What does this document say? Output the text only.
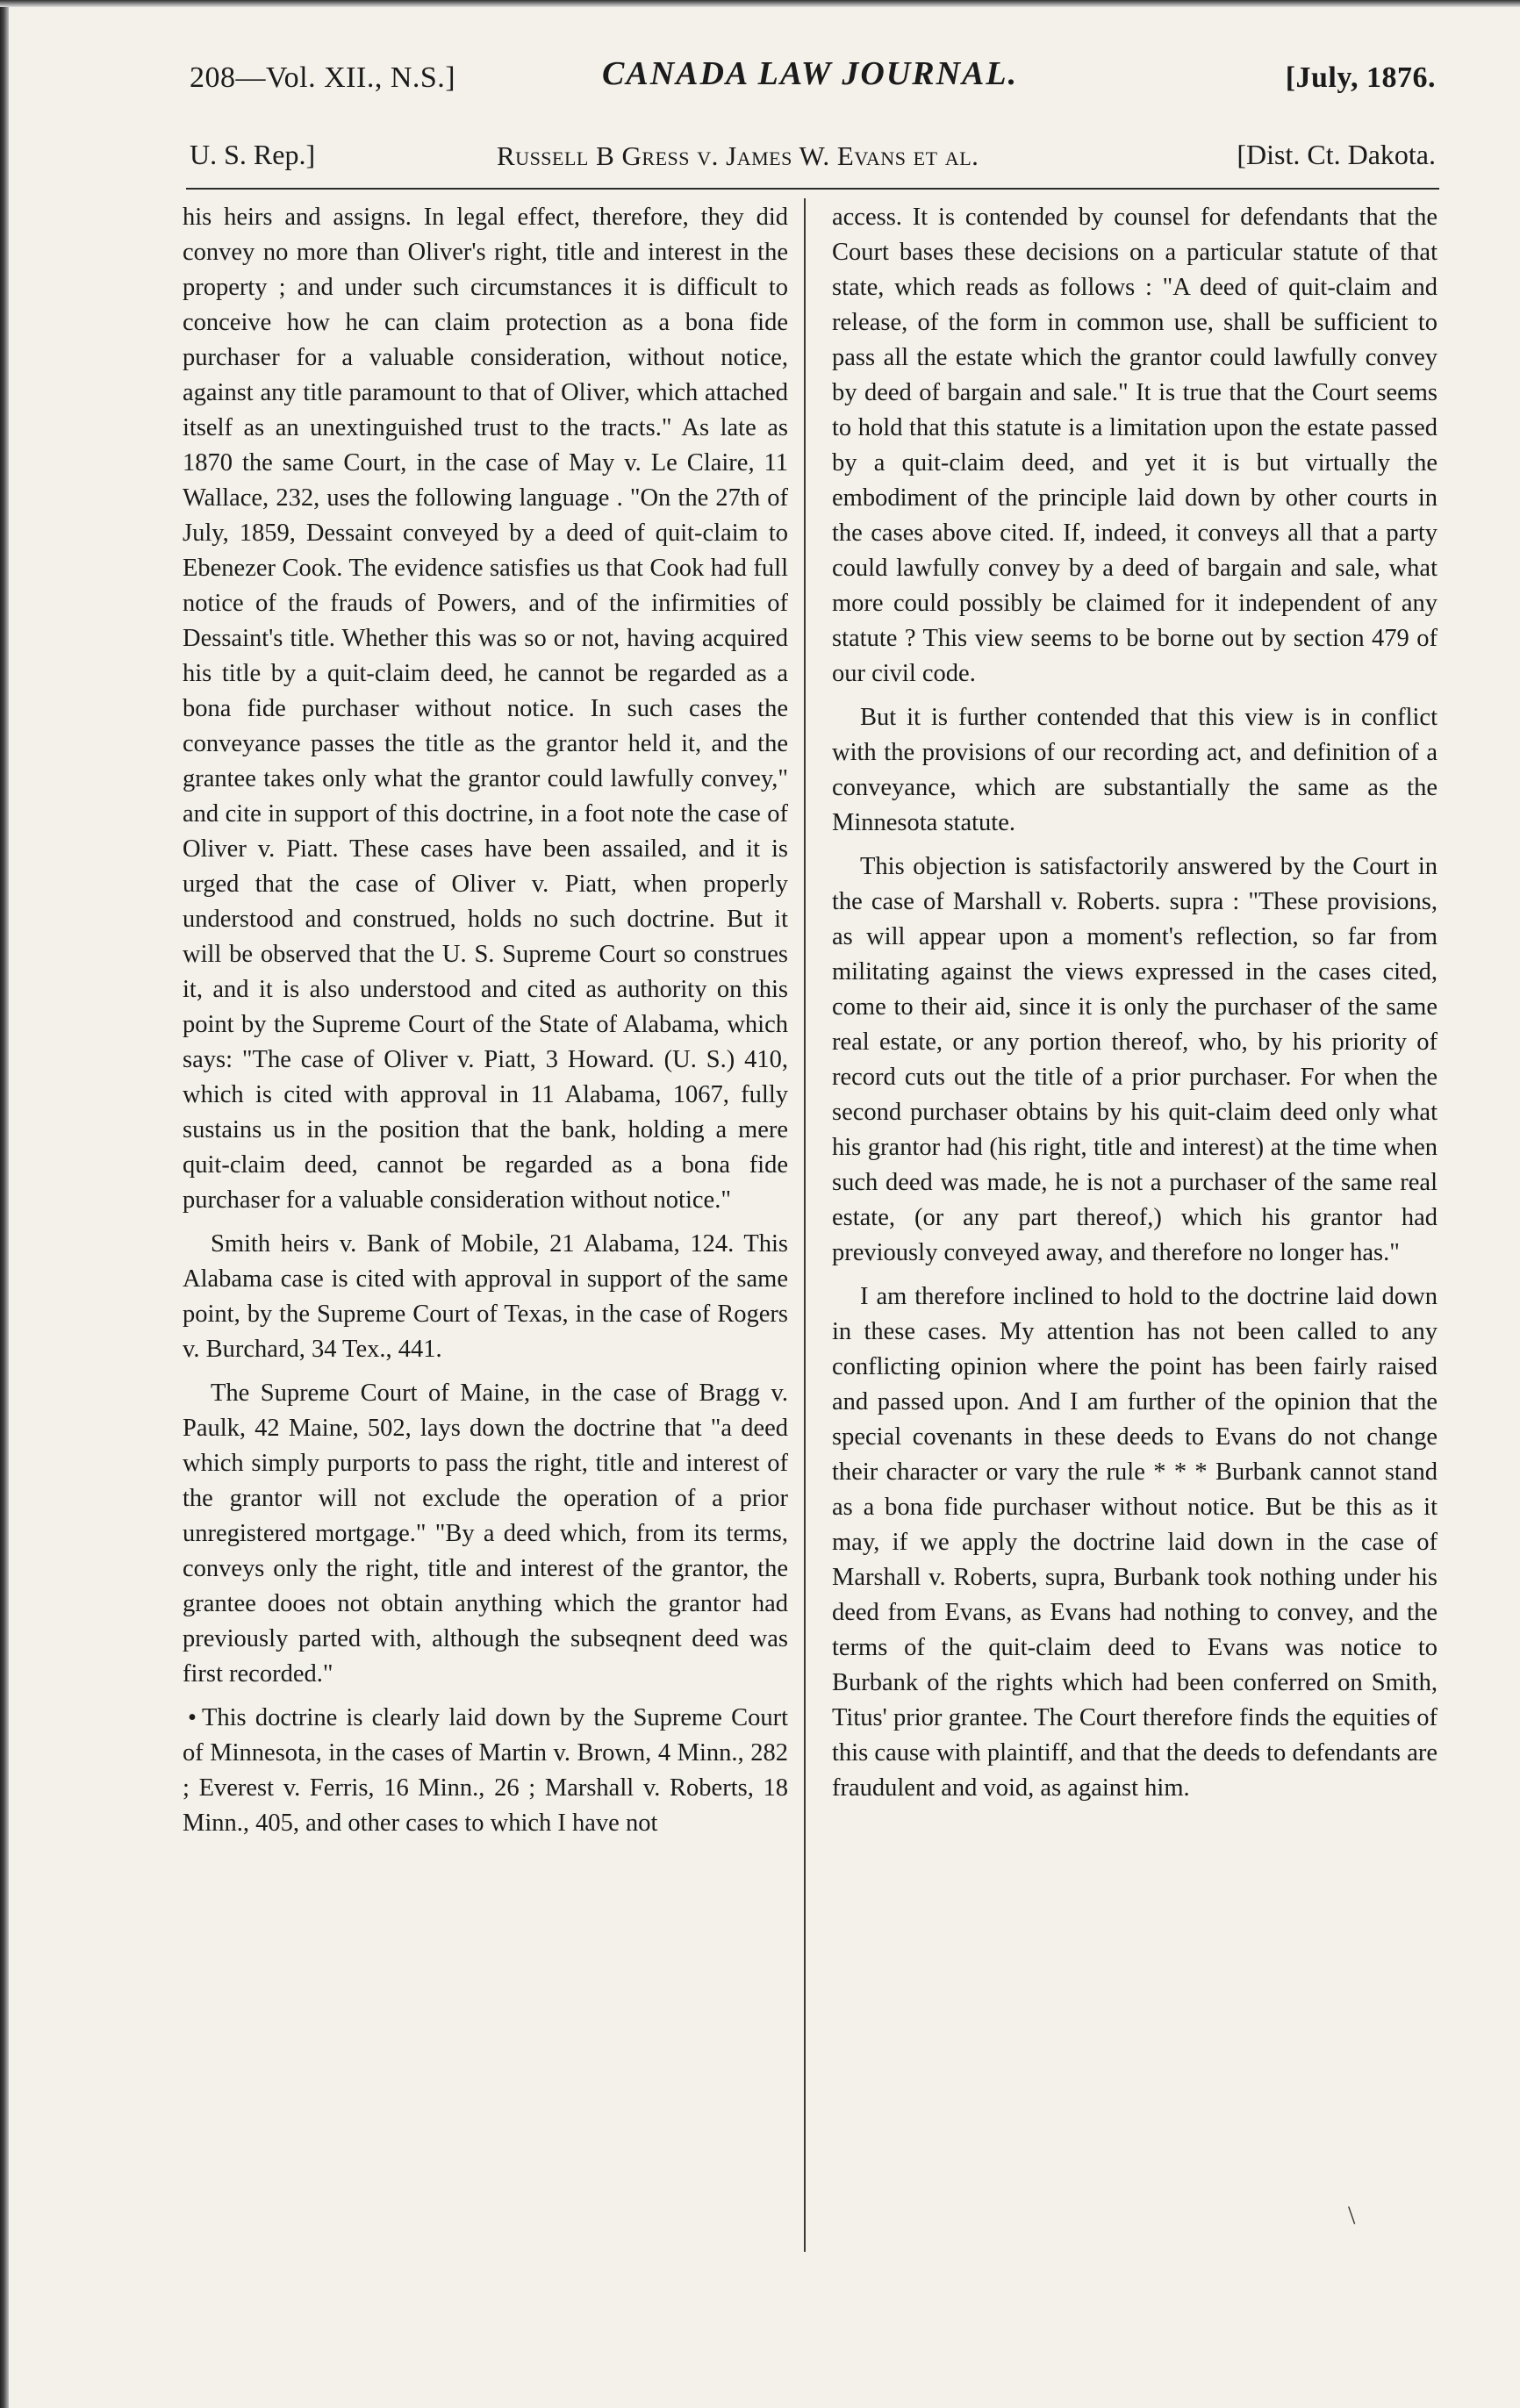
208—Vol. XII., N.S.]	CANADA LAW JOURNAL.	[July, 1876.
U. S. Rep.]	Russell B Gress v. James W. Evans et al.	[Dist. Ct. Dakota.

his heirs and assigns. In legal effect, therefore, they did convey no more than Oliver's right, title and interest in the property ; and under such circumstances it is difficult to conceive how he can claim protection as a bona fide purchaser for a valuable consideration, without notice, against any title paramount to that of Oliver, which attached itself as an unextinguished trust to the tracts." As late as 1870 the same Court, in the case of May v. Le Claire, 11 Wallace, 232, uses the following language . "On the 27th of July, 1859, Dessaint conveyed by a deed of quit-claim to Ebenezer Cook. The evidence satisfies us that Cook had full notice of the frauds of Powers, and of the infirmities of Dessaint's title. Whether this was so or not, having acquired his title by a quit-claim deed, he cannot be regarded as a bona fide purchaser without notice. In such cases the conveyance passes the title as the grantor held it, and the grantee takes only what the grantor could lawfully convey," and cite in support of this doctrine, in a foot note the case of Oliver v. Piatt. These cases have been assailed, and it is urged that the case of Oliver v. Piatt, when properly understood and construed, holds no such doctrine. But it will be observed that the U. S. Supreme Court so construes it, and it is also understood and cited as authority on this point by the Supreme Court of the State of Alabama, which says: "The case of Oliver v. Piatt, 3 Howard. (U. S.) 410, which is cited with approval in 11 Alabama, 1067, fully sustains us in the position that the bank, holding a mere quit-claim deed, cannot be regarded as a bona fide purchaser for a valuable consideration without notice."

Smith heirs v. Bank of Mobile, 21 Alabama, 124. This Alabama case is cited with approval in support of the same point, by the Supreme Court of Texas, in the case of Rogers v. Burchard, 34 Tex., 441.

The Supreme Court of Maine, in the case of Bragg v. Paulk, 42 Maine, 502, lays down the doctrine that "a deed which simply purports to pass the right, title and interest of the grantor will not exclude the operation of a prior unregistered mortgage." "By a deed which, from its terms, conveys only the right, title and interest of the grantor, the grantee dooes not obtain anything which the grantor had previously parted with, although the subseqnent deed was first recorded."

• This doctrine is clearly laid down by the Supreme Court of Minnesota, in the cases of Martin v. Brown, 4 Minn., 282 ; Everest v. Ferris, 16 Minn., 26 ; Marshall v. Roberts, 18 Minn., 405, and other cases to which I have not

access. It is contended by counsel for defendants that the Court bases these decisions on a particular statute of that state, which reads as follows : "A deed of quit-claim and release, of the form in common use, shall be sufficient to pass all the estate which the grantor could lawfully convey by deed of bargain and sale." It is true that the Court seems to hold that this statute is a limitation upon the estate passed by a quit-claim deed, and yet it is but virtually the embodiment of the principle laid down by other courts in the cases above cited. If, indeed, it conveys all that a party could lawfully convey by a deed of bargain and sale, what more could possibly be claimed for it independent of any statute ? This view seems to be borne out by section 479 of our civil code.

But it is further contended that this view is in conflict with the provisions of our recording act, and definition of a conveyance, which are substantially the same as the Minnesota statute.

This objection is satisfactorily answered by the Court in the case of Marshall v. Roberts. supra : "These provisions, as will appear upon a moment's reflection, so far from militating against the views expressed in the cases cited, come to their aid, since it is only the purchaser of the same real estate, or any portion thereof, who, by his priority of record cuts out the title of a prior purchaser. For when the second purchaser obtains by his quit-claim deed only what his grantor had (his right, title and interest) at the time when such deed was made, he is not a purchaser of the same real estate, (or any part thereof,) which his grantor had previously conveyed away, and therefore no longer has."

I am therefore inclined to hold to the doctrine laid down in these cases. My attention has not been called to any conflicting opinion where the point has been fairly raised and passed upon. And I am further of the opinion that the special covenants in these deeds to Evans do not change their character or vary the rule * * * Burbank cannot stand as a bona fide purchaser without notice. But be this as it may, if we apply the doctrine laid down in the case of Marshall v. Roberts, supra, Burbank took nothing under his deed from Evans, as Evans had nothing to convey, and the terms of the quit-claim deed to Evans was notice to Burbank of the rights which had been conferred on Smith, Titus' prior grantee. The Court therefore finds the equities of this cause with plaintiff, and that the deeds to defendants are fraudulent and void, as against him.

\
